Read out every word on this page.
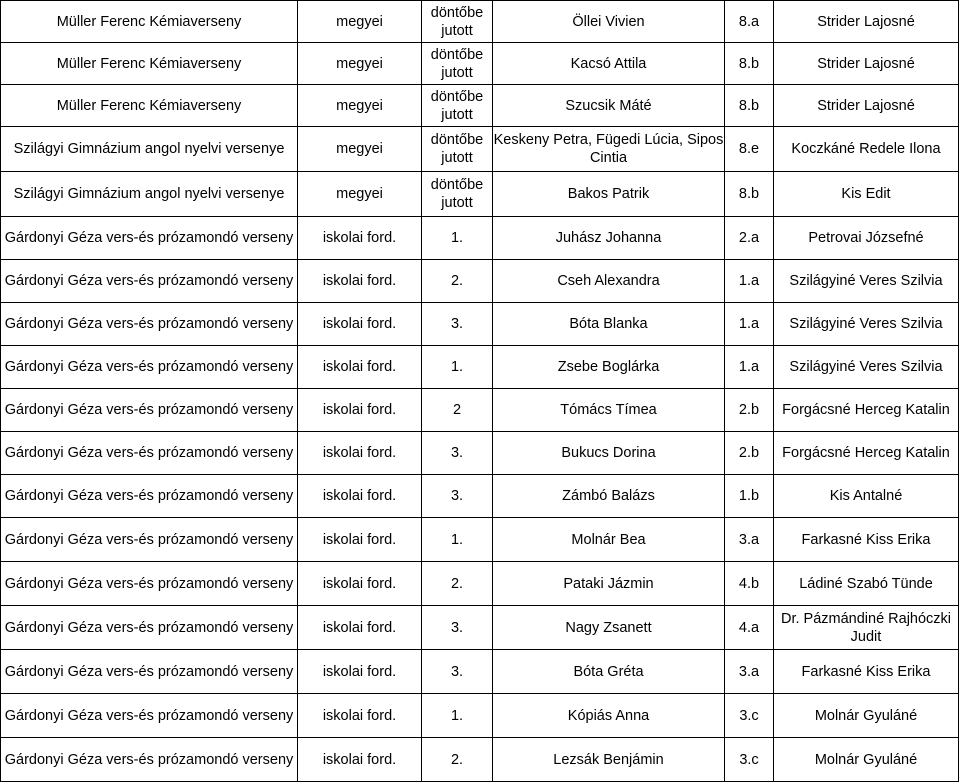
Müller Ferenc Kémiaverseny	megyei	döntőbe jutott	Öllei Vivien	8.a	Strider Lajosné
Müller Ferenc Kémiaverseny	megyei	döntőbe jutott	Kacsó Attila	8.b	Strider Lajosné
Müller Ferenc Kémiaverseny	megyei	döntőbe jutott	Szucsik Máté	8.b	Strider Lajosné
Szilágyi Gimnázium angol nyelvi versenye	megyei	döntőbe jutott	Keskeny Petra, Fügedi Lúcia, Sipos Cintia	8.e	Koczkáné Redele Ilona
Szilágyi Gimnázium angol nyelvi versenye	megyei	döntőbe jutott	Bakos Patrik	8.b	Kis Edit
Gárdonyi Géza vers-és prózamondó verseny	iskolai ford.	1.	Juhász Johanna	2.a	Petrovai Józsefné
Gárdonyi Géza vers-és prózamondó verseny	iskolai ford.	2.	Cseh Alexandra	1.a	Szilágyiné Veres Szilvia
Gárdonyi Géza vers-és prózamondó verseny	iskolai ford.	3.	Bóta Blanka	1.a	Szilágyiné Veres Szilvia
Gárdonyi Géza vers-és prózamondó verseny	iskolai ford.	1.	Zsebe Boglárka	1.a	Szilágyiné Veres Szilvia
Gárdonyi Géza vers-és prózamondó verseny	iskolai ford.	2	Tómács Tímea	2.b	Forgácsné Herceg Katalin
Gárdonyi Géza vers-és prózamondó verseny	iskolai ford.	3.	Bukucs Dorina	2.b	Forgácsné Herceg Katalin
Gárdonyi Géza vers-és prózamondó verseny	iskolai ford.	3.	Zámbó Balázs	1.b	Kis Antalné
Gárdonyi Géza vers-és prózamondó verseny	iskolai ford.	1.	Molnár Bea	3.a	Farkasné Kiss Erika
Gárdonyi Géza vers-és prózamondó verseny	iskolai ford.	2.	Pataki Jázmin	4.b	Ládiné Szabó Tünde
Gárdonyi Géza vers-és prózamondó verseny	iskolai ford.	3.	Nagy Zsanett	4.a	Dr. Pázmándiné Rajhóczki Judit
Gárdonyi Géza vers-és prózamondó verseny	iskolai ford.	3.	Bóta Gréta	3.a	Farkasné Kiss Erika
Gárdonyi Géza vers-és prózamondó verseny	iskolai ford.	1.	Kópiás Anna	3.c	Molnár Gyuláné
Gárdonyi Géza vers-és prózamondó verseny	iskolai ford.	2.	Lezsák Benjámin	3.c	Molnár Gyuláné
